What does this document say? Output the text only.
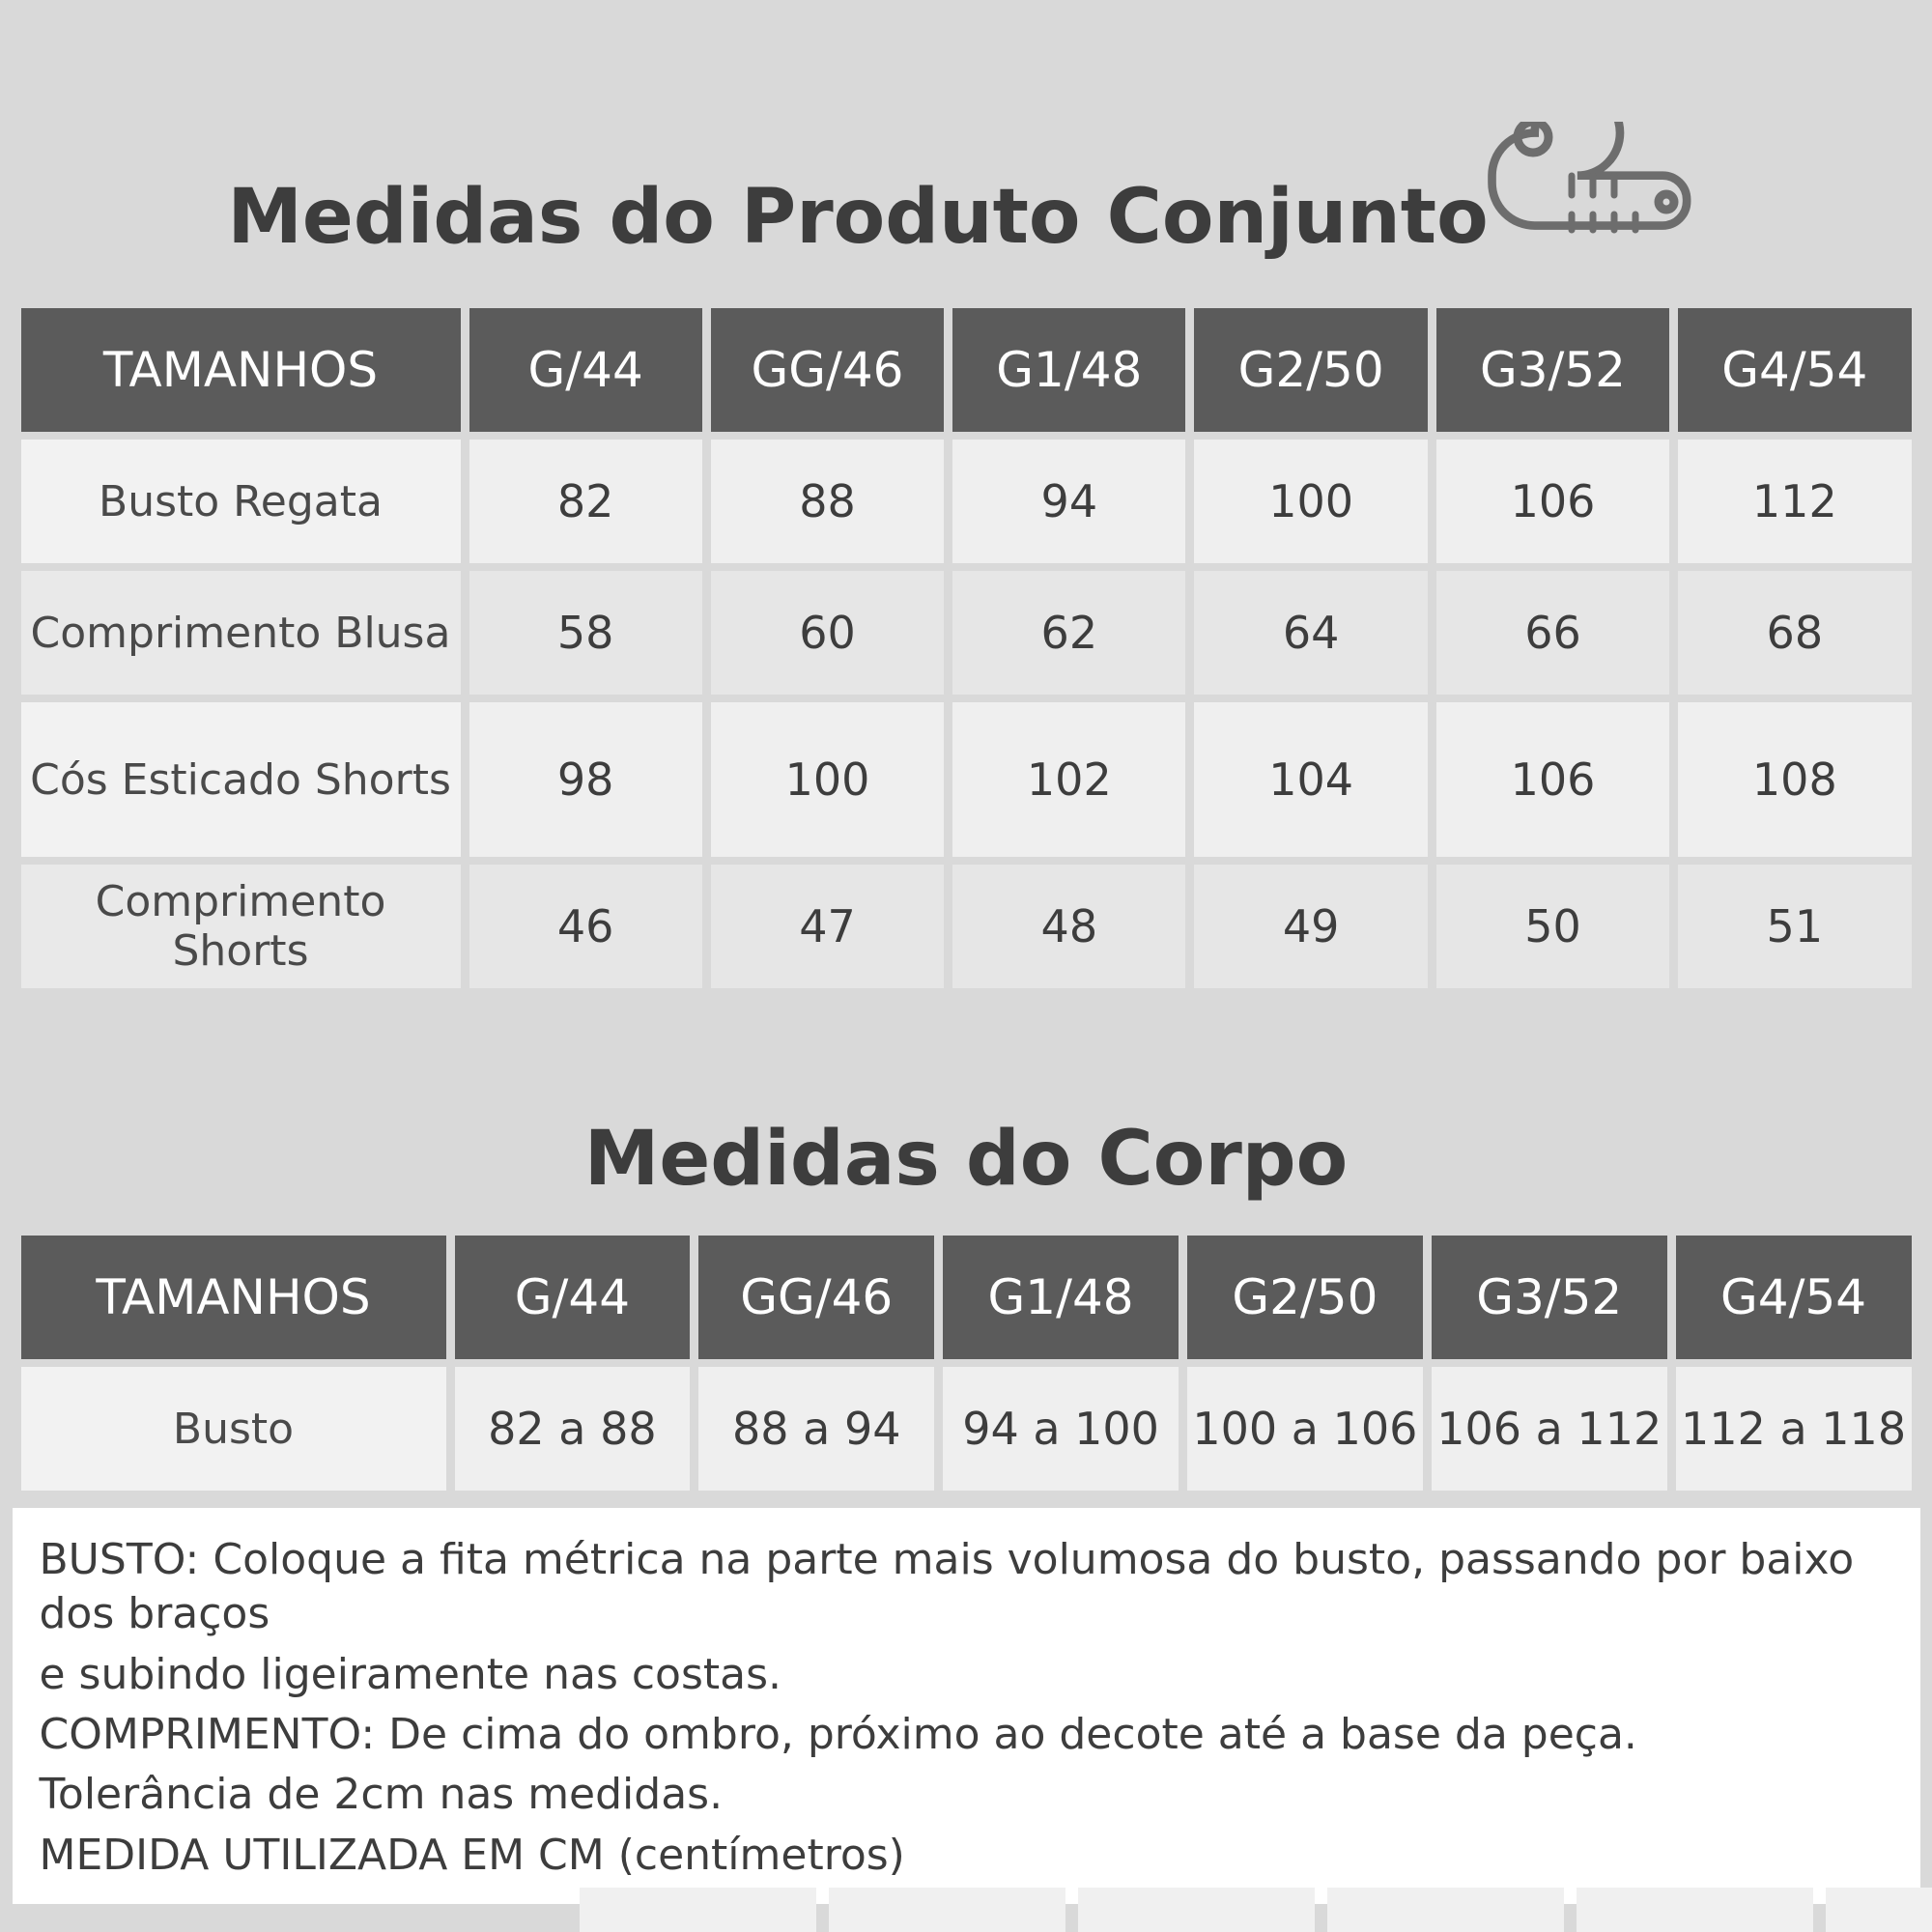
Medidas do Produto Conjunto
TAMANHOS	G/44	GG/46	G1/48	G2/50	G3/52	G4/54
Busto Regata	82	88	94	100	106	112
Comprimento Blusa	58	60	62	64	66	68
Cós Esticado Shorts	98	100	102	104	106	108
Comprimento Shorts	46	47	48	49	50	51
Medidas do Corpo
TAMANHOS	G/44	GG/46	G1/48	G2/50	G3/52	G4/54
Busto	82 a 88	88 a 94	94 a 100	100 a 106	106 a 112	112 a 118

BUSTO: Coloque a fita métrica na parte mais volumosa do busto, passando por baixo dos braços

e subindo ligeiramente nas costas.

COMPRIMENTO: De cima do ombro, próximo ao decote até a base da peça.

Tolerância de 2cm nas medidas.

MEDIDA UTILIZADA EM CM (centímetros)
